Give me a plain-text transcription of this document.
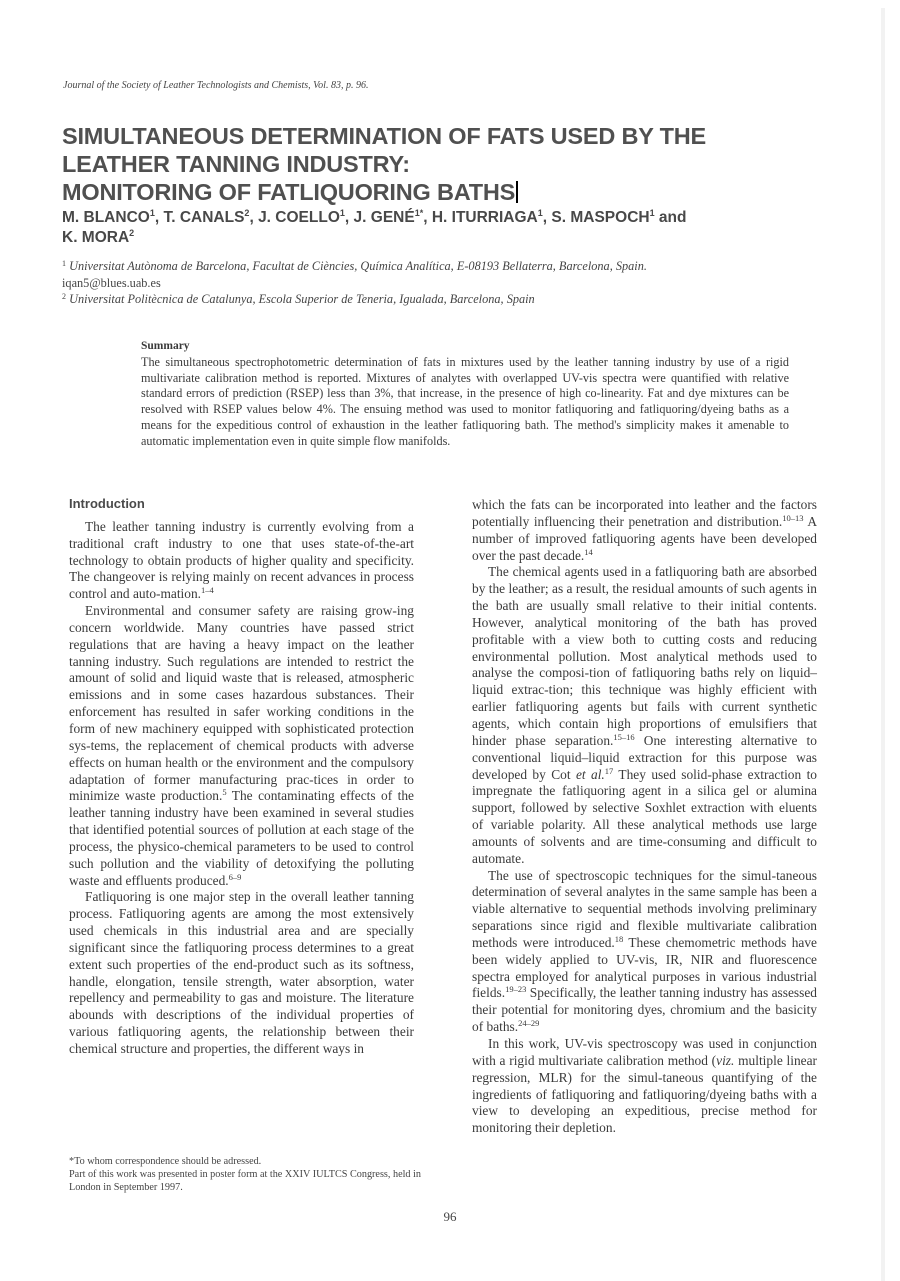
Journal of the Society of Leather Technologists and Chemists, Vol. 83, p. 96.
SIMULTANEOUS DETERMINATION OF FATS USED BY THE
LEATHER TANNING INDUSTRY:
MONITORING OF FATLIQUORING BATHS
M. BLANCO$^1$, T. CANALS$^2$, J. COELLO$^1$, J. $GENÉ^{1*}$, H. ITURRIAGA$^1$, S. MASPOCH$^1$ and
K. MORA$^2$
$^1$ Universitat Autònoma de Barcelona, Facultat de Ciències, Química Analítica, E-08193 Bellaterra, Barcelona, Spain.
iqan5@blues.uab.es
$^2$ Universitat Politècnica de Catalunya, Escola Superior de Teneria, Igualada, Barcelona, Spain
Summary
The simultaneous spectrophotometric determination of fats in mixtures used by the leather tanning industry by use of a rigid multivariate calibration method is reported. Mixtures of analytes with overlapped UV-vis spectra were quantified with relative standard errors of prediction (RSEP) less than 3%, that increase, in the presence of high co-linearity. Fat and dye mixtures can be resolved with RSEP values below 4%. The ensuing method was used to monitor fatliquoring and fatliquoring/dyeing baths as a means for the expeditious control of exhaustion in the leather fatliquoring bath. The method's simplicity makes it amenable to automatic implementation even in quite simple flow manifolds.
Introduction

The leather tanning industry is currently evolving from a traditional craft industry to one that uses state-of-the-art technology to obtain products of higher quality and specificity. The changeover is relying mainly on recent advances in process control and auto-mation.$^{1-4}$

Environmental and consumer safety are raising grow-ing concern worldwide. Many countries have passed strict regulations that are having a heavy impact on the leather tanning industry. Such regulations are intended to restrict the amount of solid and liquid waste that is released, atmospheric emissions and in some cases hazardous substances. Their enforcement has resulted in safer working conditions in the form of new machinery equipped with sophisticated protection sys-tems, the replacement of chemical products with adverse effects on human health or the environment and the compulsory adaptation of former manufacturing prac-tices in order to minimize waste production.$^5$ The contaminating effects of the leather tanning industry have been examined in several studies that identified potential sources of pollution at each stage of the process, the physico-chemical parameters to be used to control such pollution and the viability of detoxifying the polluting waste and effluents produced.$^{6-9}$

Fatliquoring is one major step in the overall leather tanning process. Fatliquoring agents are among the most extensively used chemicals in this industrial area and are specially significant since the fatliquoring process determines to a great extent such properties of the end-product such as its softness, handle, elongation, tensile strength, water absorption, water repellency and permeability to gas and moisture. The literature abounds with descriptions of the individual properties of various fatliquoring agents, the relationship between their chemical structure and properties, the different ways in

which the fats can be incorporated into leather and the factors potentially influencing their penetration and distribution.$^{10-13}$ A number of improved fatliquoring agents have been developed over the past decade.$^{14}$

The chemical agents used in a fatliquoring bath are absorbed by the leather; as a result, the residual amounts of such agents in the bath are usually small relative to their initial contents. However, analytical monitoring of the bath has proved profitable with a view both to cutting costs and reducing environmental pollution. Most analytical methods used to analyse the composi-tion of fatliquoring baths rely on liquid–liquid extrac-tion; this technique was highly efficient with earlier fatliquoring agents but fails with current synthetic agents, which contain high proportions of emulsifiers that hinder phase separation.$^{15-16}$ One interesting alternative to conventional liquid–liquid extraction for this purpose was developed by Cot et al.$^{17}$ They used solid-phase extraction to impregnate the fatliquoring agent in a silica gel or alumina support, followed by selective Soxhlet extraction with eluents of variable polarity. All these analytical methods use large amounts of solvents and are time-consuming and difficult to automate.

The use of spectroscopic techniques for the simul-taneous determination of several analytes in the same sample has been a viable alternative to sequential methods involving preliminary separations since rigid and flexible multivariate calibration methods were introduced.$^{18}$ These chemometric methods have been widely applied to UV-vis, IR, NIR and fluorescence spectra employed for analytical purposes in various industrial fields.$^{19-23}$ Specifically, the leather tanning industry has assessed their potential for monitoring dyes, chromium and the basicity of baths.$^{24-29}$

In this work, UV-vis spectroscopy was used in conjunction with a rigid multivariate calibration method (viz. multiple linear regression, MLR) for the simul-taneous quantifying of the ingredients of fatliquoring and fatliquoring/dyeing baths with a view to developing an expeditious, precise method for monitoring their depletion.

*To whom correspondence should be adressed.

Part of this work was presented in poster form at the XXIV IULTCS Congress, held in London in September 1997.

96
